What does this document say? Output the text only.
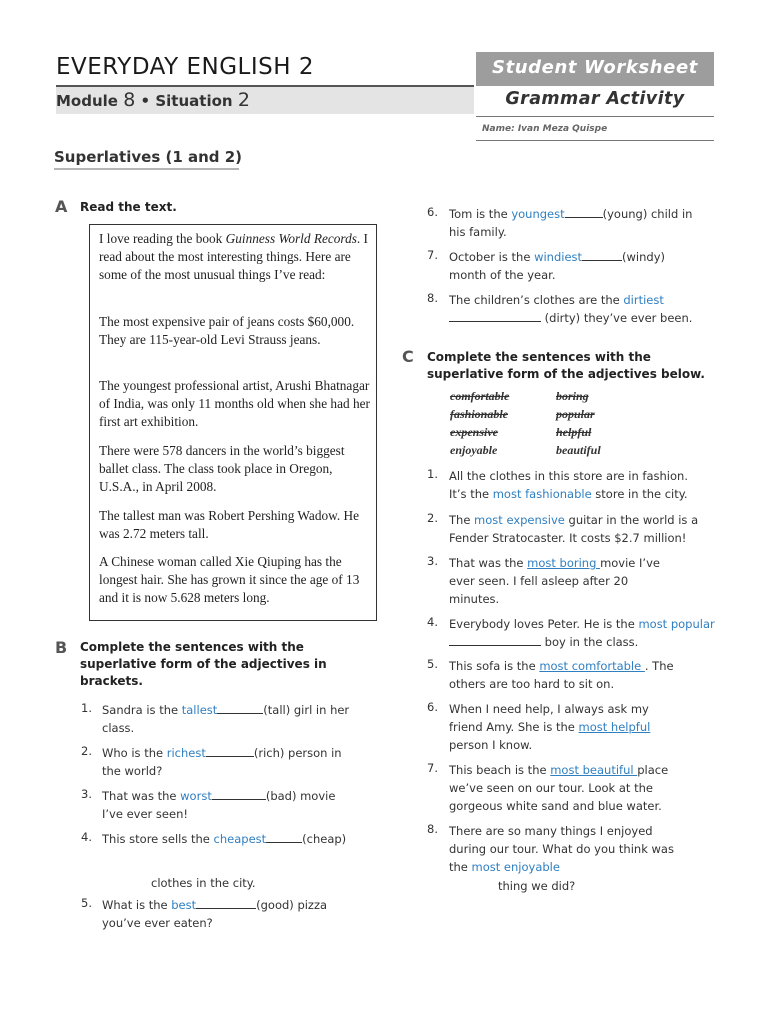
EVERYDAY ENGLISH 2
Module 8 • Situation 2
Student Worksheet
Grammar Activity
Name: Ivan Meza Quispe
Superlatives (1 and 2)
A Read the text.
I love reading the book Guinness World Records. I read about the most interesting things. Here are some of the most unusual things I’ve read:
The most expensive pair of jeans costs $60,000. They are 115-year-old Levi Strauss jeans.
The youngest professional artist, Arushi Bhatnagar of India, was only 11 months old when she had her first art exhibition.
There were 578 dancers in the world’s biggest ballet class. The class took place in Oregon, U.S.A., in April 2008.
The tallest man was Robert Pershing Wadow. He was 2.72 meters tall.
A Chinese woman called Xie Qiuping has the longest hair. She has grown it since the age of 13 and it is now 5.628 meters long.
B Complete the sentences with the superlative form of the adjectives in brackets.
1. Sandra is the tallest	(tall) girl in her
class.
2. Who is the richest	(rich) person in
the world?
3. That was the worst	(bad) movie
I’ve ever seen!
4. This store sells the cheapest	(cheap)
clothes in the city.
5. What is the best	(good) pizza
you’ve ever eaten?
6. Tom is the youngest	(young) child in
his family.
7. October is the windiest	(windy)
month of the year.
8. The children’s clothes are the dirtiest
(dirty) they’ve ever been.
C Complete the sentences with the superlative form of the adjectives below.
comfortable	boring
fashionable	popular
expensive	helpful
enjoyable	beautiful
1. All the clothes in this store are in fashion.
It’s the most fashionable store in the city.
2. The most expensive guitar in the world is a
Fender Stratocaster. It costs $2.7 million!
3. That was the most boring movie I’ve
ever seen. I fell asleep after 20
minutes.
4. Everybody loves Peter. He is the most popular
boy in the class.
5. This sofa is the most comfortable . The
others are too hard to sit on.
6. When I need help, I always ask my
friend Amy. She is the most helpful
person I know.
7. This beach is the most beautiful place
we’ve seen on our tour. Look at the
gorgeous white sand and blue water.
8. There are so many things I enjoyed
during our tour. What do you think was
the most enjoyable
thing we did?
